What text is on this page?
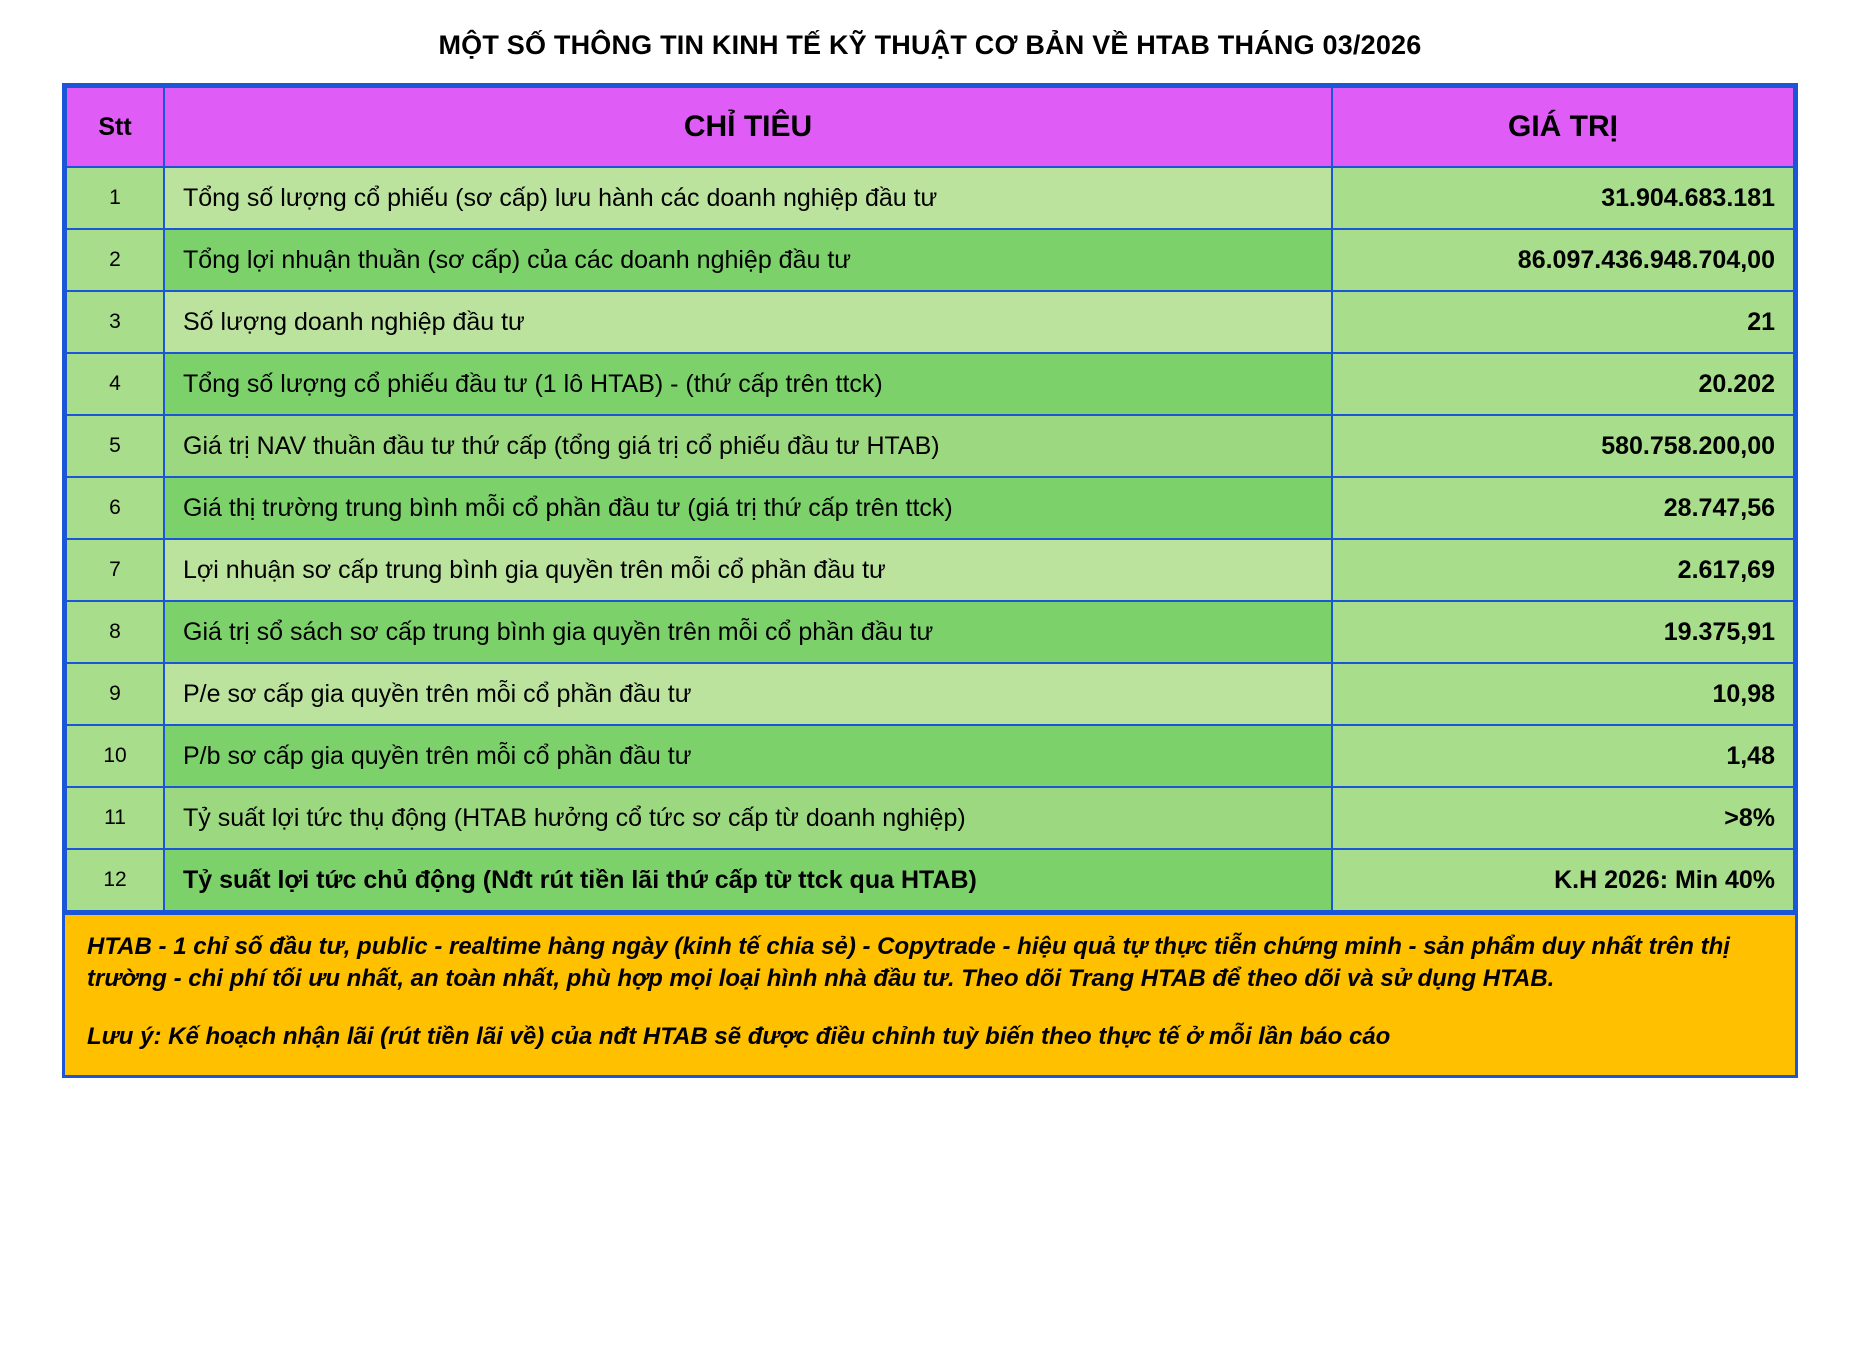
MỘT SỐ THÔNG TIN KINH TẾ KỸ THUẬT CƠ BẢN VỀ HTAB THÁNG 03/2026
Stt	CHỈ TIÊU	GIÁ TRỊ
1	Tổng số lượng cổ phiếu (sơ cấp) lưu hành các doanh nghiệp đầu tư	31.904.683.181
2	Tổng lợi nhuận thuần (sơ cấp) của các doanh nghiệp đầu tư	86.097.436.948.704,00
3	Số lượng doanh nghiệp đầu tư	21
4	Tổng số lượng cổ phiếu đầu tư (1 lô HTAB) - (thứ cấp trên ttck)	20.202
5	Giá trị NAV thuần đầu tư thứ cấp (tổng giá trị cổ phiếu đầu tư HTAB)	580.758.200,00
6	Giá thị trường trung bình mỗi cổ phần đầu tư (giá trị thứ cấp trên ttck)	28.747,56
7	Lợi nhuận sơ cấp trung bình gia quyền trên mỗi cổ phần đầu tư	2.617,69
8	Giá trị sổ sách sơ cấp trung bình gia quyền trên mỗi cổ phần đầu tư	19.375,91
9	P/e sơ cấp gia quyền trên mỗi cổ phần đầu tư	10,98
10	P/b sơ cấp gia quyền trên mỗi cổ phần đầu tư	1,48
11	Tỷ suất lợi tức thụ động (HTAB hưởng cổ tức sơ cấp từ doanh nghiệp)	>8%
12	Tỷ suất lợi tức chủ động (Nđt rút tiền lãi thứ cấp từ ttck qua HTAB)	K.H 2026: Min 40%

HTAB - 1 chỉ số đầu tư, public - realtime hàng ngày (kinh tế chia sẻ) - Copytrade - hiệu quả tự thực tiễn chứng minh - sản phẩm duy nhất trên thị trường - chi phí tối ưu nhất, an toàn nhất, phù hợp mọi loại hình nhà đầu tư. Theo dõi Trang HTAB để theo dõi và sử dụng HTAB.

Lưu ý: Kế hoạch nhận lãi (rút tiền lãi về) của nđt HTAB sẽ được điều chỉnh tuỳ biến theo thực tế ở mỗi lần báo cáo
